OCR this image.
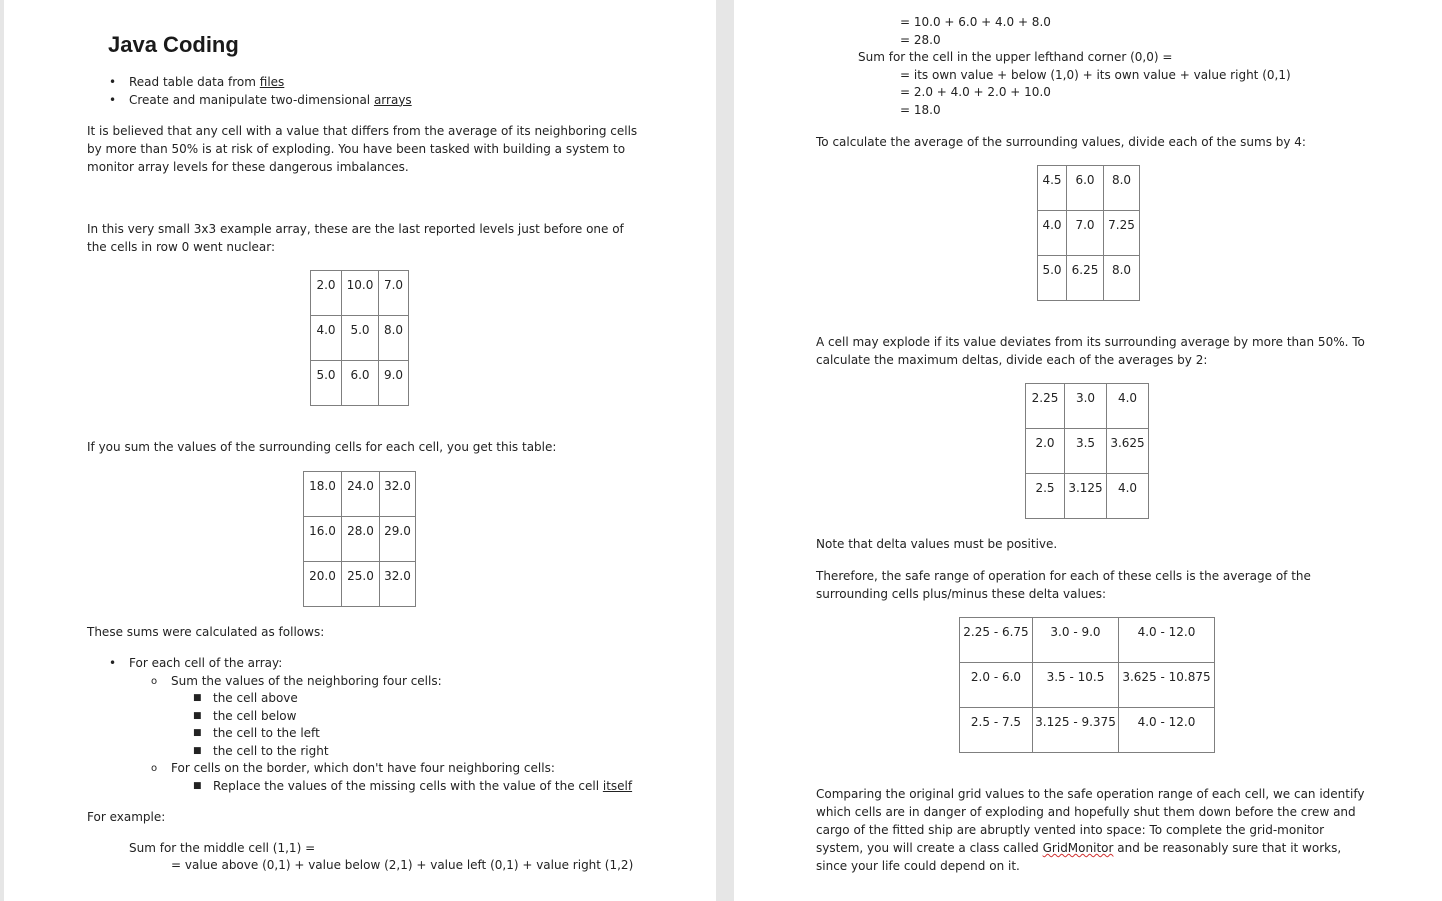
Java Coding
• Read table data from files
• Create and manipulate two-dimensional arrays
It is believed that any cell with a value that differs from the average of its neighboring cells
by more than 50% is at risk of exploding. You have been tasked with building a system to
monitor array levels for these dangerous imbalances.
In this very small 3x3 example array, these are the last reported levels just before one of
the cells in row 0 went nuclear:
2.0	10.0	7.0
4.0	5.0	8.0
5.0	6.0	9.0
If you sum the values of the surrounding cells for each cell, you get this table:
18.0	24.0	32.0
16.0	28.0	29.0
20.0	25.0	32.0
These sums were calculated as follows:
• For each cell of the array:
o Sum the values of the neighboring four cells:
■ the cell above
■ the cell below
■ the cell to the left
■ the cell to the right
o For cells on the border, which don't have four neighboring cells:
■ Replace the values of the missing cells with the value of the cell itself
For example:
Sum for the middle cell (1,1) =
= value above (0,1) + value below (2,1) + value left (0,1) + value right (1,2)
= 10.0 + 6.0 + 4.0 + 8.0
= 28.0
Sum for the cell in the upper lefthand corner (0,0) =
= its own value + below (1,0) + its own value + value right (0,1)
= 2.0 + 4.0 + 2.0 + 10.0
= 18.0
To calculate the average of the surrounding values, divide each of the sums by 4:
4.5	6.0	8.0
4.0	7.0	7.25
5.0	6.25	8.0
A cell may explode if its value deviates from its surrounding average by more than 50%. To
calculate the maximum deltas, divide each of the averages by 2:
2.25	3.0	4.0
2.0	3.5	3.625
2.5	3.125	4.0
Note that delta values must be positive.
Therefore, the safe range of operation for each of these cells is the average of the
surrounding cells plus/minus these delta values:
2.25 - 6.75	3.0 - 9.0	4.0 - 12.0
2.0 - 6.0	3.5 - 10.5	3.625 - 10.875
2.5 - 7.5	3.125 - 9.375	4.0 - 12.0
Comparing the original grid values to the safe operation range of each cell, we can identify
which cells are in danger of exploding and hopefully shut them down before the crew and
cargo of the fitted ship are abruptly vented into space: To complete the grid-monitor
system, you will create a class called GridMonitor and be reasonably sure that it works,
since your life could depend on it.
